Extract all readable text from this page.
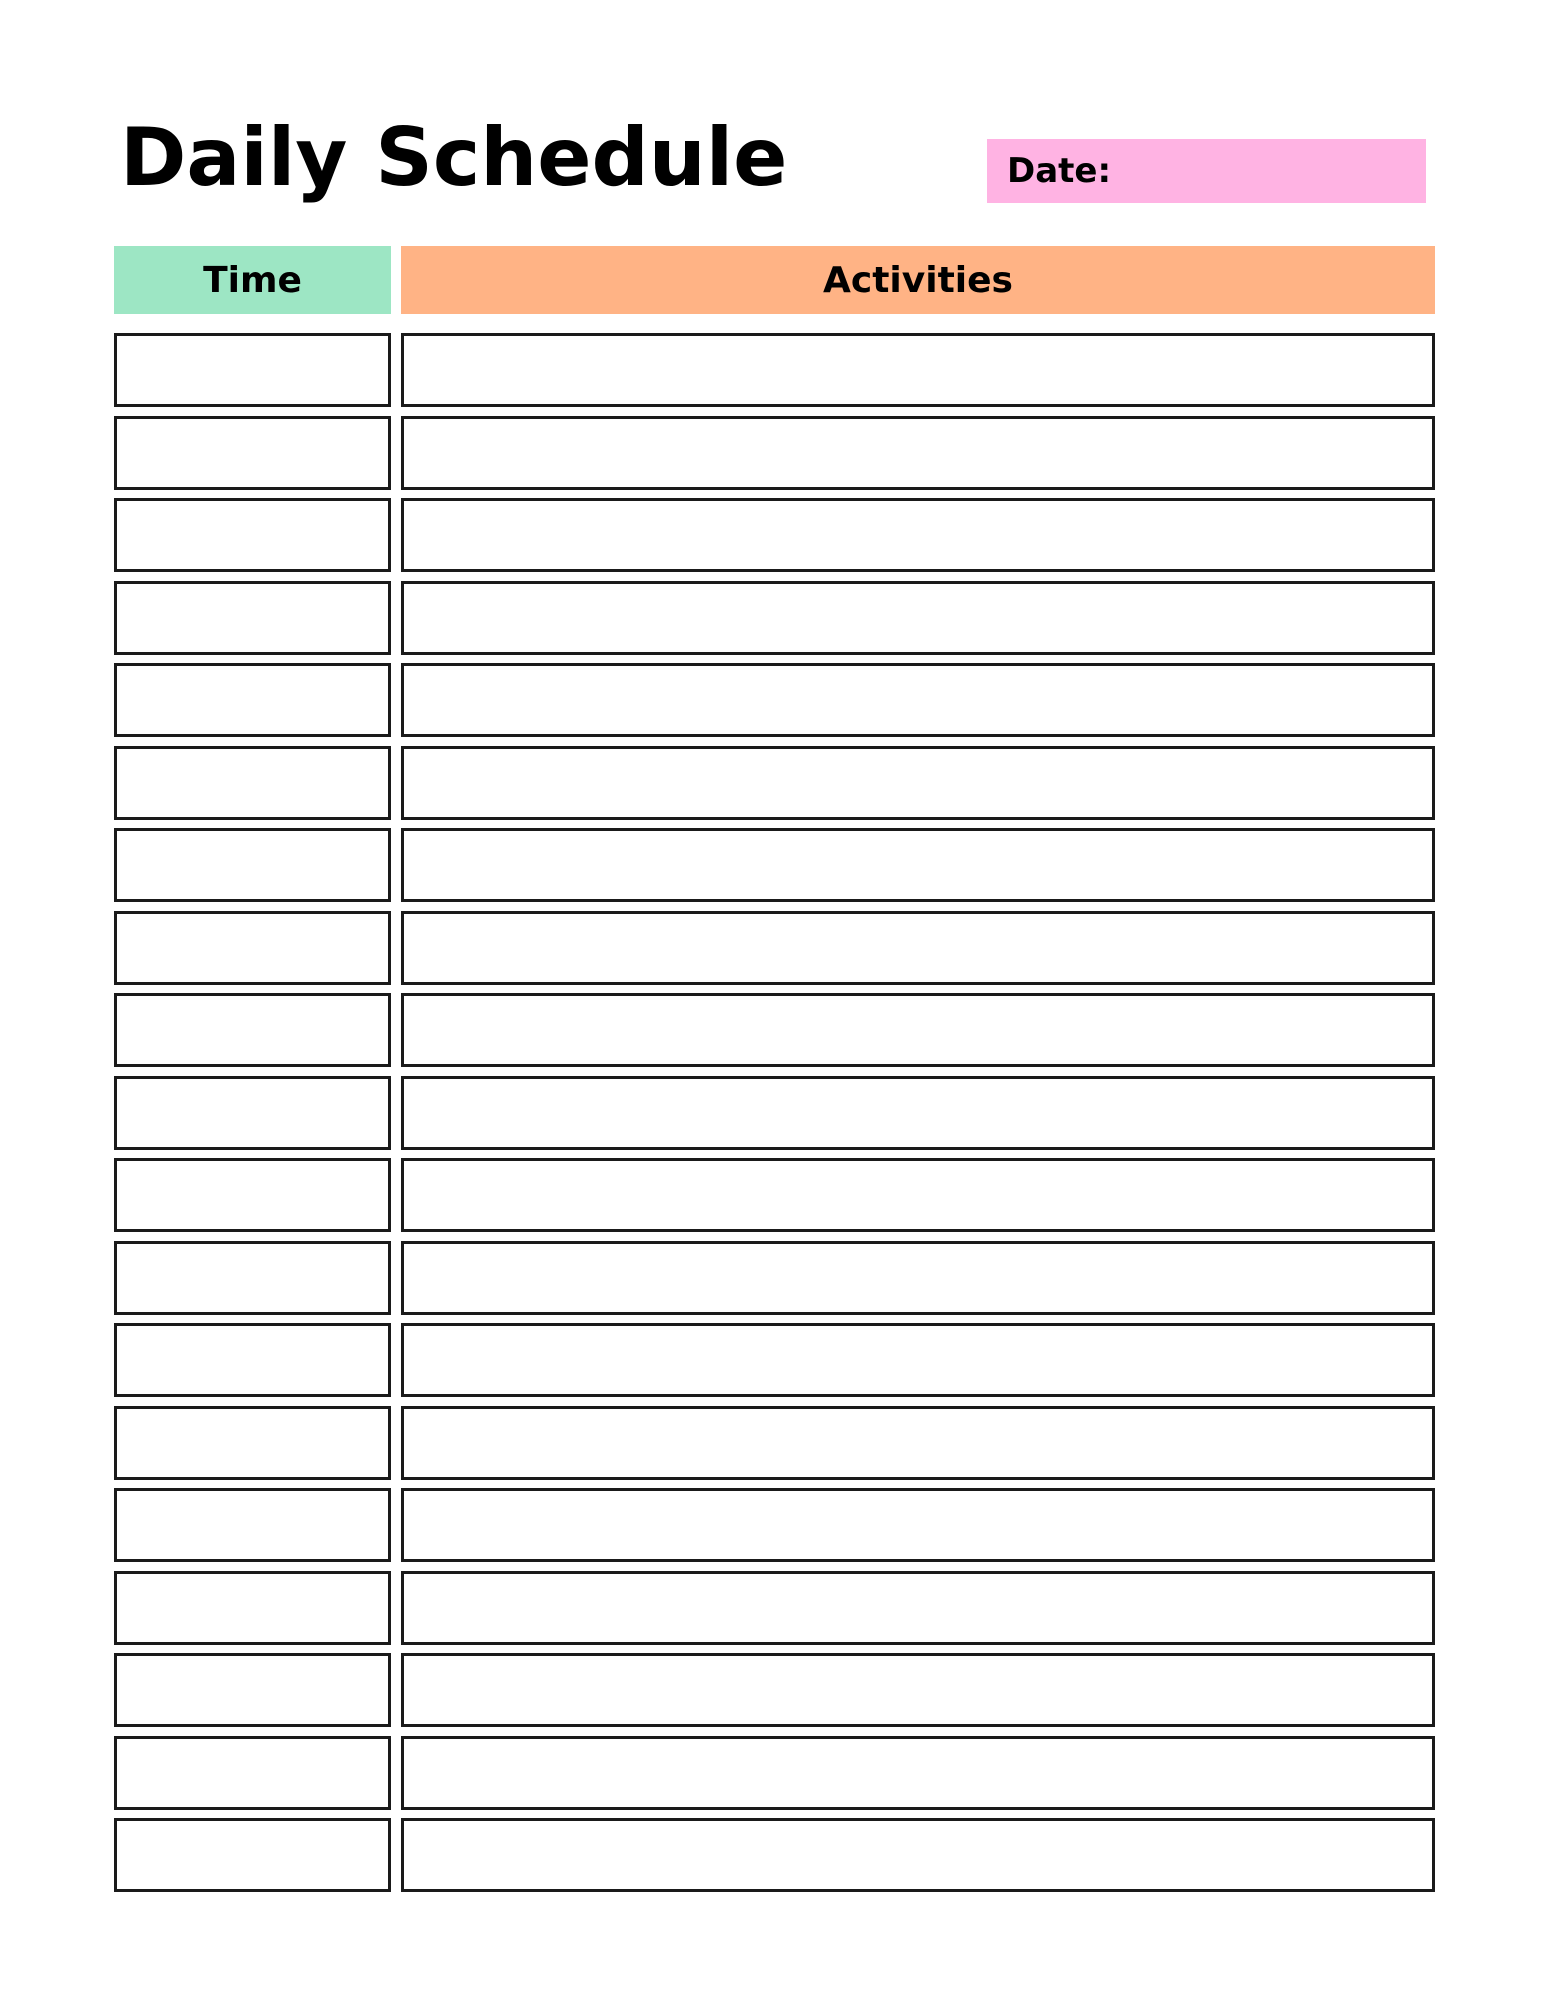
Daily Schedule	Date:
Time	Activities
